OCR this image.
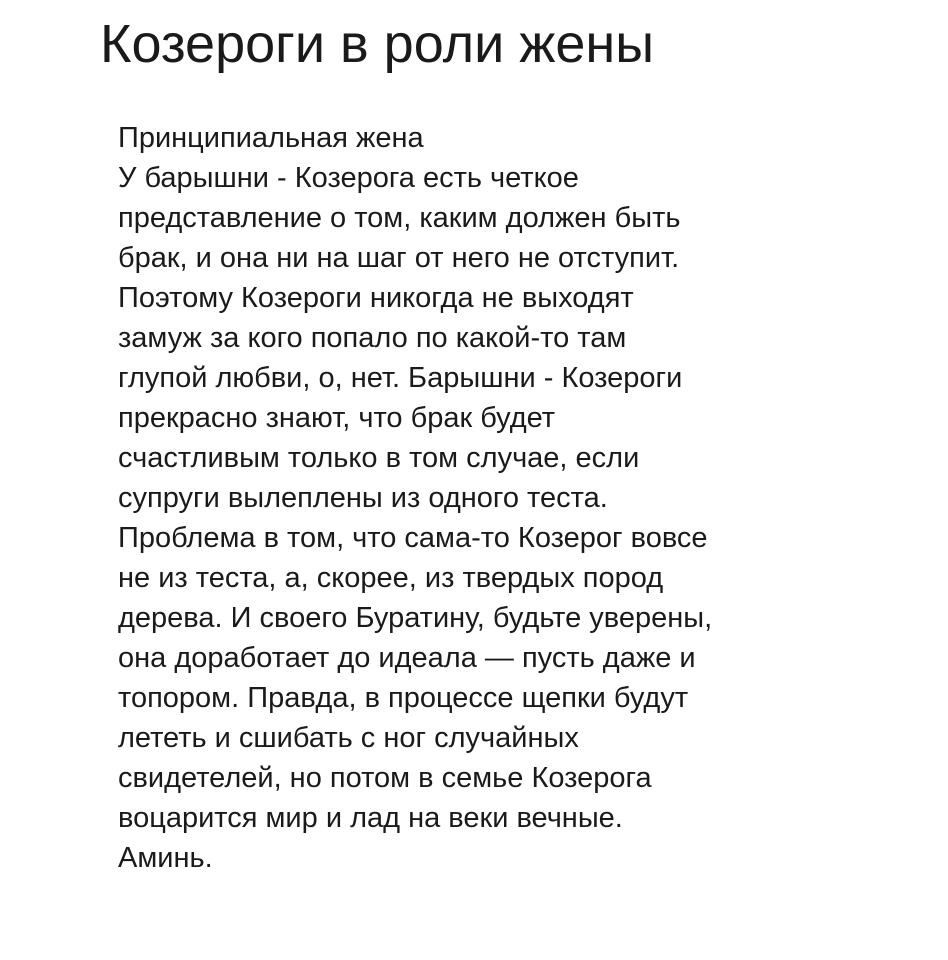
Козероги в роли жены
Принципиальная жена
У барышни - Козерога есть четкое
представление о том, каким должен быть
брак, и она ни на шаг от него не отступит.
Поэтому Козероги никогда не выходят
замуж за кого попало по какой-то там
глупой любви, о, нет. Барышни - Козероги
прекрасно знают, что брак будет
счастливым только в том случае, если
супруги вылеплены из одного теста.
Проблема в том, что сама-то Козерог вовсе
не из теста, а, скорее, из твердых пород
дерева. И своего Буратину, будьте уверены,
она доработает до идеала — пусть даже и
топором. Правда, в процессе щепки будут
лететь и сшибать с ног случайных
свидетелей, но потом в семье Козерога
воцарится мир и лад на веки вечные.
Аминь.
